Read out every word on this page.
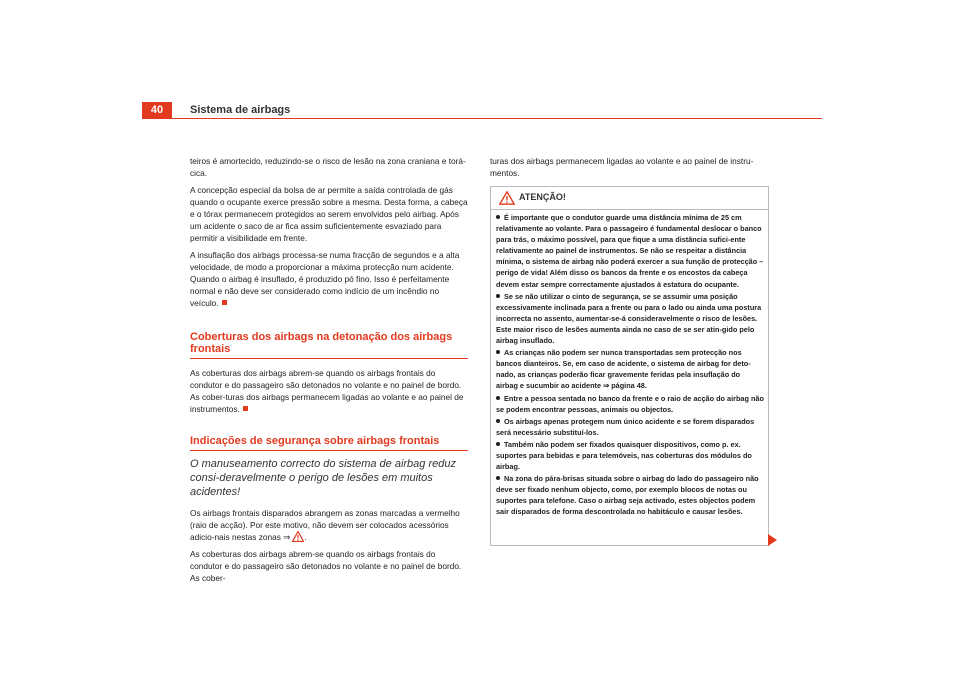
40	Sistema de airbags

teiros é amortecido, reduzindo-se o risco de lesão na zona craniana e torá-cica.

A concepção especial da bolsa de ar permite a saída controlada de gás quando o ocupante exerce pressão sobre a mesma. Desta forma, a cabeça e o tórax permanecem protegidos ao serem envolvidos pelo airbag. Após um acidente o saco de ar fica assim suficientemente esvaziado para permitir a visibilidade em frente.

A insuflação dos airbags processa-se numa fracção de segundos e a alta velocidade, de modo a proporcionar a máxima protecção num acidente. Quando o airbag é insuflado, é produzido pó fino. Isso é perfeitamente normal e não deve ser considerado como indício de um incêndio no veículo.

Coberturas dos airbags na detonação dos airbags frontais

As coberturas dos airbags abrem-se quando os airbags frontais do condutor e do passageiro são detonados no volante e no painel de bordo. As cober-turas dos airbags permanecem ligadas ao volante e ao painel de instrumentos.

Indicações de segurança sobre airbags frontais

O manuseamento correcto do sistema de airbag reduz consi-deravelmente o perigo de lesões em muitos acidentes!

Os airbags frontais disparados abrangem as zonas marcadas a vermelho (raio de acção). Por este motivo, não devem ser colocados acessórios adicio-nais nestas zonas ⇒ .

As coberturas dos airbags abrem-se quando os airbags frontais do condutor e do passageiro são detonados no volante e no painel de bordo. As cober-

turas dos airbags permanecem ligadas ao volante e ao painel de instru-mentos.

ATENÇÃO!
É importante que o condutor guarde uma distância mínima de 25 cm relativamente ao volante. Para o passageiro é fundamental deslocar o banco para trás, o máximo possível, para que fique a uma distância sufici-ente relativamente ao painel de instrumentos. Se não se respeitar a distância mínima, o sistema de airbag não poderá exercer a sua função de protecção – perigo de vida! Além disso os bancos da frente e os encostos da cabeça devem estar sempre correctamente ajustados à estatura do ocupante.
Se se não utilizar o cinto de segurança, se se assumir uma posição excessivamente inclinada para a frente ou para o lado ou ainda uma postura incorrecta no assento, aumentar-se-á consideravelmente o risco de lesões. Este maior risco de lesões aumenta ainda no caso de se ser atin-gido pelo airbag insuflado.
As crianças não podem ser nunca transportadas sem protecção nos bancos dianteiros. Se, em caso de acidente, o sistema de airbag for deto-nado, as crianças poderão ficar gravemente feridas pela insuflação do airbag e sucumbir ao acidente ⇒ página 48.
Entre a pessoa sentada no banco da frente e o raio de acção do airbag não se podem encontrar pessoas, animais ou objectos.
Os airbags apenas protegem num único acidente e se forem disparados será necessário substituí-los.
Também não podem ser fixados quaisquer dispositivos, como p. ex. suportes para bebidas e para telemóveis, nas coberturas dos módulos do airbag.
Na zona do pára-brisas situada sobre o airbag do lado do passageiro não deve ser fixado nenhum objecto, como, por exemplo blocos de notas ou suportes para telefone. Caso o airbag seja activado, estes objectos podem sair disparados de forma descontrolada no habitáculo e causar lesões.
